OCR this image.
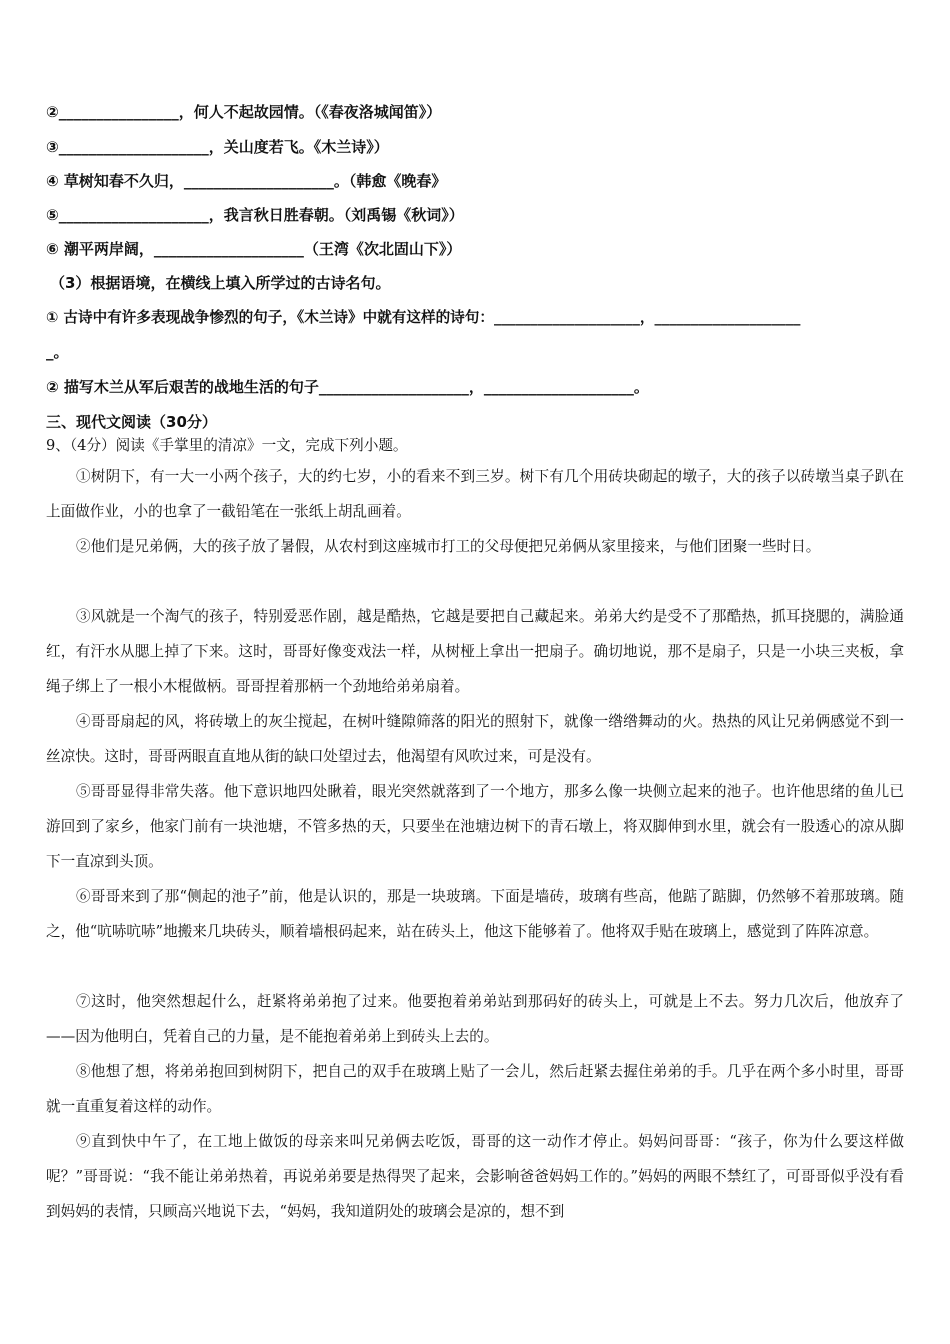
②________________，何人不起故园情。（《春夜洛城闻笛》）
③____________________，关山度若飞。《木兰诗》）
④ 草树知春不久归，____________________。（韩愈《晚春》
⑤____________________，我言秋日胜春朝。（刘禹锡《秋词》）
⑥ 潮平两岸阔，____________________（王湾《次北固山下》）
（3）根据语境，在横线上填入所学过的古诗名句。
① 古诗中有许多表现战争惨烈的句子，《木兰诗》中就有这样的诗句：____________________，____________________
_。
② 描写木兰从军后艰苦的战地生活的句子____________________，____________________。
三、现代文阅读（30分）
9、（4分）阅读《手掌里的清凉》一文，完成下列小题。

①树阴下，有一大一小两个孩子，大的约七岁，小的看来不到三岁。树下有几个用砖块砌起的墩子，大的孩子以砖墩当桌子趴在上面做作业，小的也拿了一截铅笔在一张纸上胡乱画着。

②他们是兄弟俩，大的孩子放了暑假，从农村到这座城市打工的父母便把兄弟俩从家里接来，与他们团聚一些时日。

③风就是一个淘气的孩子，特别爱恶作剧，越是酷热，它越是要把自己藏起来。弟弟大约是受不了那酷热，抓耳挠腮的，满脸通红，有汗水从腮上掉了下来。这时，哥哥好像变戏法一样，从树桠上拿出一把扇子。确切地说，那不是扇子，只是一小块三夹板，拿绳子绑上了一根小木棍做柄。哥哥捏着那柄一个劲地给弟弟扇着。

④哥哥扇起的风，将砖墩上的灰尘搅起，在树叶缝隙筛落的阳光的照射下，就像一绺绺舞动的火。热热的风让兄弟俩感觉不到一丝凉快。这时，哥哥两眼直直地从街的缺口处望过去，他渴望有风吹过来，可是没有。

⑤哥哥显得非常失落。他下意识地四处瞅着，眼光突然就落到了一个地方，那多么像一块侧立起来的池子。也许他思绪的鱼儿已游回到了家乡，他家门前有一块池塘，不管多热的天，只要坐在池塘边树下的青石墩上，将双脚伸到水里，就会有一股透心的凉从脚下一直凉到头顶。

⑥哥哥来到了那“侧起的池子”前，他是认识的，那是一块玻璃。下面是墙砖，玻璃有些高，他踮了踮脚，仍然够不着那玻璃。随之，他“吭哧吭哧”地搬来几块砖头，顺着墙根码起来，站在砖头上，他这下能够着了。他将双手贴在玻璃上，感觉到了阵阵凉意。

⑦这时，他突然想起什么，赶紧将弟弟抱了过来。他要抱着弟弟站到那码好的砖头上，可就是上不去。努力几次后，他放弃了——因为他明白，凭着自己的力量，是不能抱着弟弟上到砖头上去的。

⑧他想了想，将弟弟抱回到树阴下，把自己的双手在玻璃上贴了一会儿，然后赶紧去握住弟弟的手。几乎在两个多小时里，哥哥就一直重复着这样的动作。

⑨直到快中午了，在工地上做饭的母亲来叫兄弟俩去吃饭，哥哥的这一动作才停止。妈妈问哥哥：“孩子，你为什么要这样做呢？”哥哥说：“我不能让弟弟热着，再说弟弟要是热得哭了起来，会影响爸爸妈妈工作的。”妈妈的两眼不禁红了，可哥哥似乎没有看到妈妈的表情，只顾高兴地说下去，“妈妈，我知道阴处的玻璃会是凉的，想不到
